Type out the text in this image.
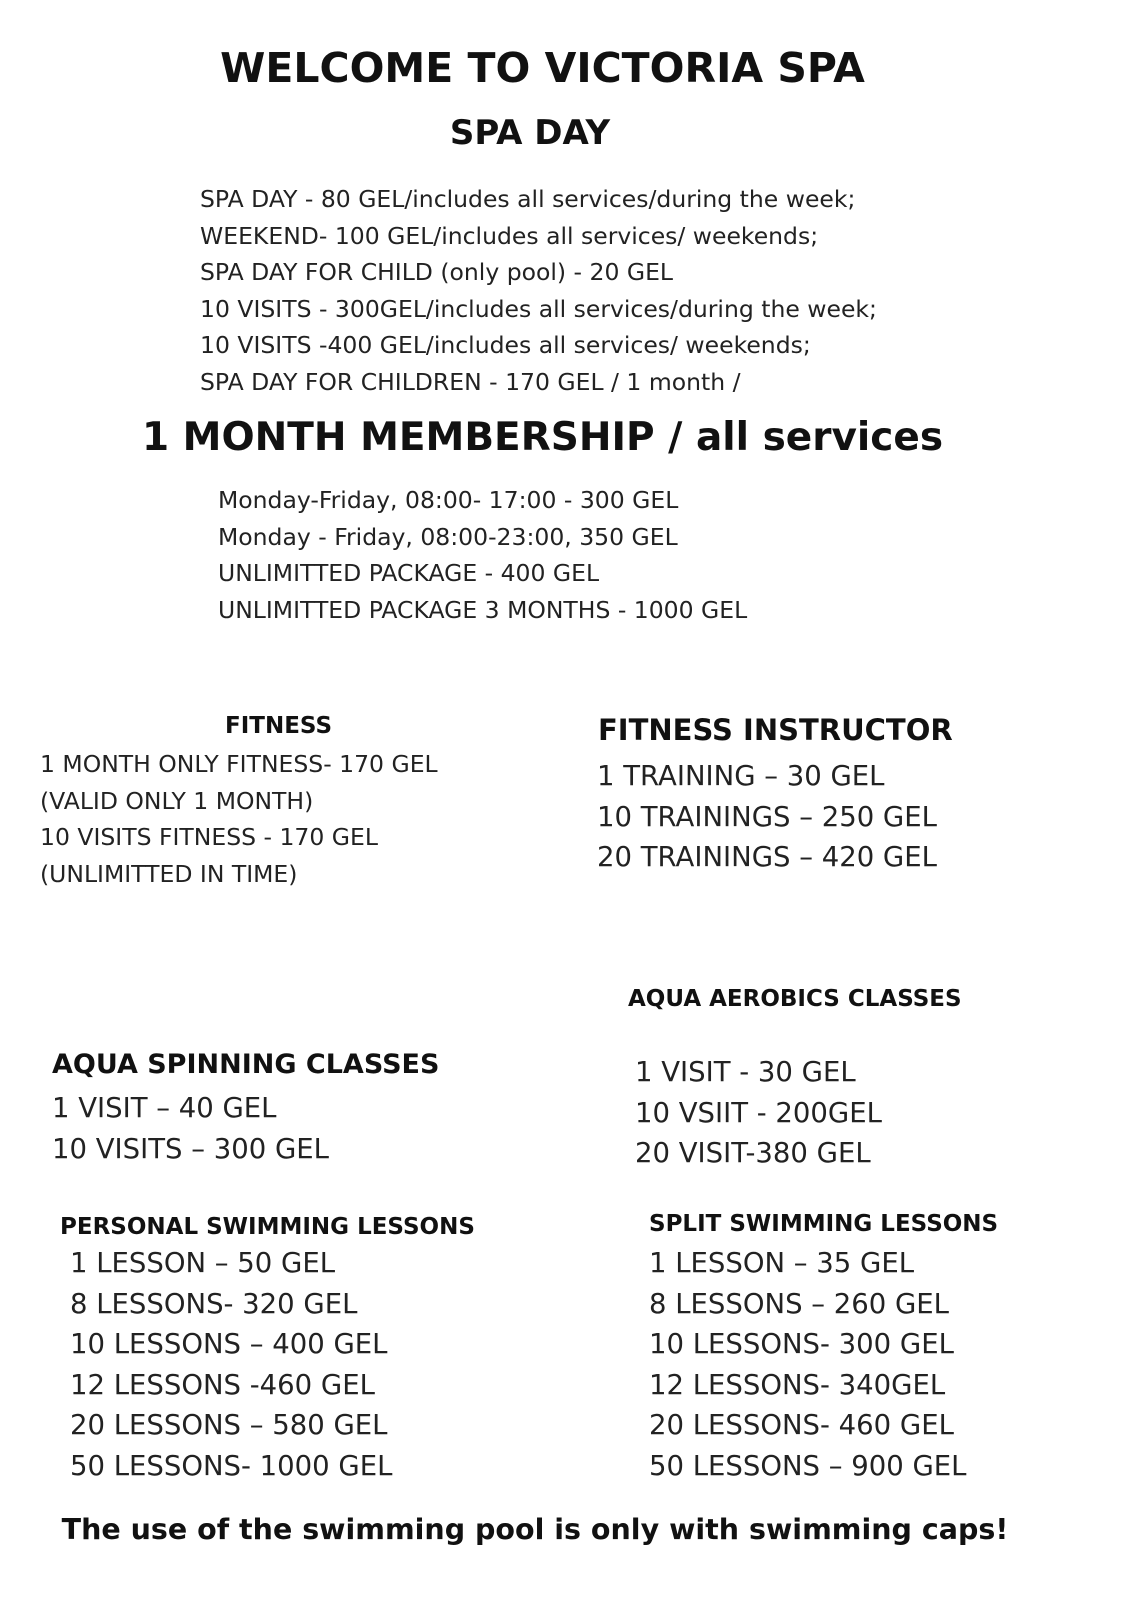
WELCOME TO VICTORIA SPA
SPA DAY
SPA DAY - 80 GEL/includes all services/during the week;
WEEKEND- 100 GEL/includes all services/ weekends;
SPA DAY FOR CHILD (only pool) - 20 GEL
10 VISITS - 300GEL/includes all services/during the week;
10 VISITS -400 GEL/includes all services/ weekends;
SPA DAY FOR CHILDREN - 170 GEL / 1 month /
1 MONTH MEMBERSHIP / all services
Monday-Friday, 08:00- 17:00 - 300 GEL
Monday - Friday, 08:00-23:00, 350 GEL
UNLIMITTED PACKAGE - 400 GEL
UNLIMITTED PACKAGE 3 MONTHS - 1000 GEL
FITNESS
1 MONTH ONLY FITNESS- 170 GEL
(VALID ONLY 1 MONTH)
10 VISITS FITNESS - 170 GEL
(UNLIMITTED IN TIME)
FITNESS INSTRUCTOR
1 TRAINING – 30 GEL
10 TRAININGS – 250 GEL
20 TRAININGS – 420 GEL
AQUA AEROBICS CLASSES
1 VISIT - 30 GEL
10 VSIIT - 200GEL
20 VISIT-380 GEL
AQUA SPINNING CLASSES
1 VISIT – 40 GEL
10 VISITS – 300 GEL
PERSONAL SWIMMING LESSONS
1 LESSON – 50 GEL
8 LESSONS- 320 GEL
10 LESSONS – 400 GEL
12 LESSONS -460 GEL
20 LESSONS – 580 GEL
50 LESSONS- 1000 GEL
SPLIT SWIMMING LESSONS
1 LESSON – 35 GEL
8 LESSONS – 260 GEL
10 LESSONS- 300 GEL
12 LESSONS- 340GEL
20 LESSONS- 460 GEL
50 LESSONS – 900 GEL
The use of the swimming pool is only with swimming caps!
